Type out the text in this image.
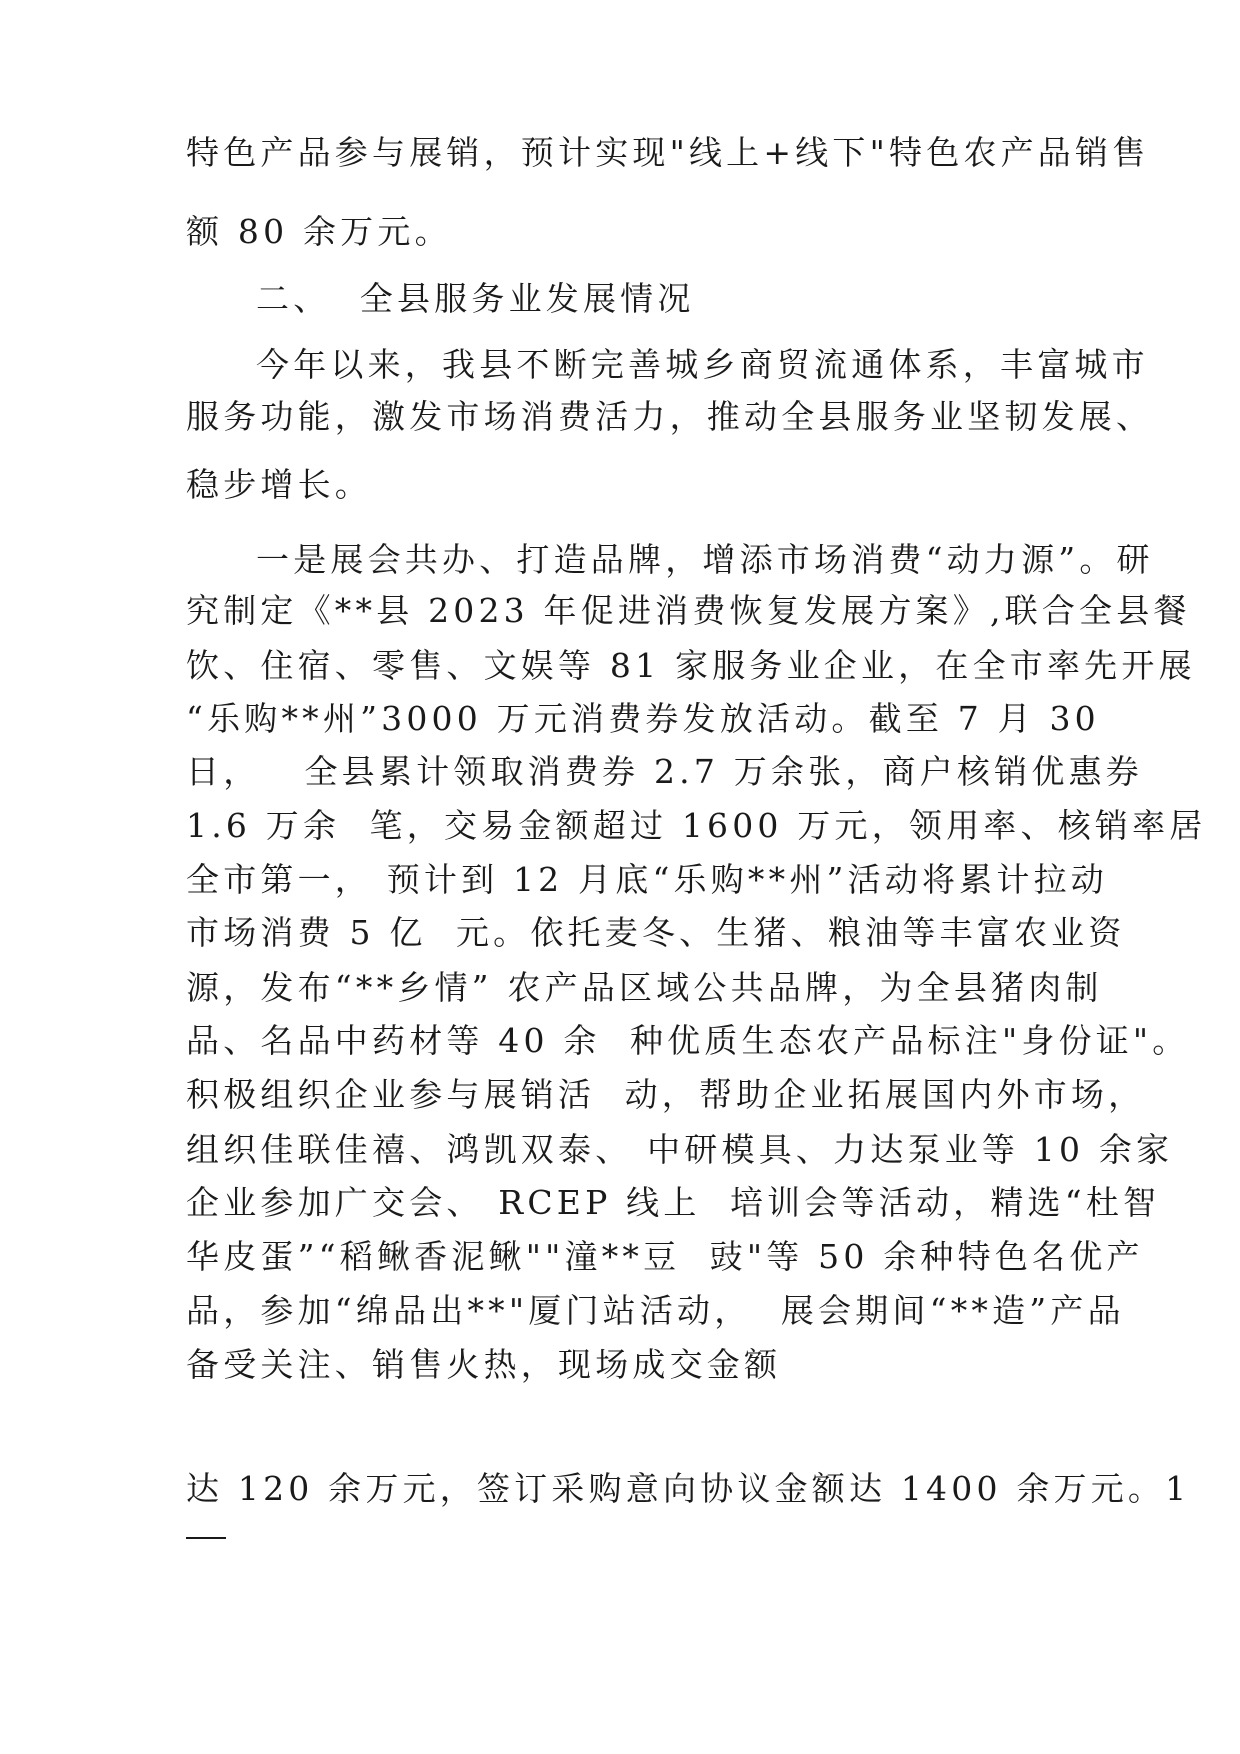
特色产品参与展销，预计实现"线上+线下"特色农产品销售
额 80 余万元。
二、  全县服务业发展情况
今年以来，我县不断完善城乡商贸流通体系，丰富城市
服务功能，激发市场消费活力，推动全县服务业坚韧发展、
稳步增长。
一是展会共办、打造品牌，增添市场消费“动力源”。研
究制定《**县 2023 年促进消费恢复发展方案》,联合全县餐
饮、住宿、零售、文娱等 81 家服务业企业，在全市率先开展
“乐购**州”3000 万元消费券发放活动。截至 7 月 30
日，   全县累计领取消费券 2.7 万余张，商户核销优惠券
1.6 万余  笔，交易金额超过 1600 万元，领用率、核销率居
全市第一， 预计到 12 月底“乐购**州”活动将累计拉动
市场消费 5 亿  元。依托麦冬、生猪、粮油等丰富农业资
源，发布“**乡情” 农产品区域公共品牌，为全县猪肉制
品、名品中药材等 40 余  种优质生态农产品标注"身份证"。
积极组织企业参与展销活  动，帮助企业拓展国内外市场，
组织佳联佳禧、鸿凯双泰、 中研模具、力达泵业等 10 余家
企业参加广交会、 RCEP 线上  培训会等活动，精选“杜智
华皮蛋”“稻鳅香泥鳅""潼**豆  豉"等 50 余种特色名优产
品，参加“绵品出**"厦门站活动，  展会期间“**造”产品
备受关注、销售火热，现场成交金额
达 120 余万元，签订采购意向协议金额达 1400 余万元。1
